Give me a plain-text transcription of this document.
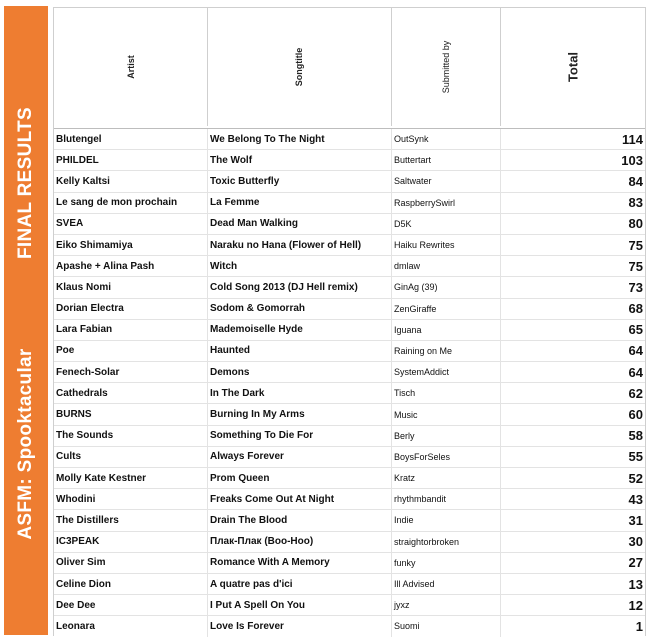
FINAL RESULTS
ASFM: Spooktacular
Artist	Songtitle	Submitted by	Total
Blutengel	We Belong To The Night	OutSynk	114
PHILDEL	The Wolf	Buttertart	103
Kelly Kaltsi	Toxic Butterfly	Saltwater	84
Le sang de mon prochain	La Femme	RaspberrySwirl	83
SVEA	Dead Man Walking	D5K	80
Eiko Shimamiya	Naraku no Hana (Flower of Hell)	Haiku Rewrites	75
Apashe + Alina Pash	Witch	dmlaw	75
Klaus Nomi	Cold Song 2013 (DJ Hell remix)	GinAg (39)	73
Dorian Electra	Sodom & Gomorrah	ZenGiraffe	68
Lara Fabian	Mademoiselle Hyde	Iguana	65
Poe	Haunted	Raining on Me	64
Fenech-Solar	Demons	SystemAddict	64
Cathedrals	In The Dark	Tisch	62
BURNS	Burning In My Arms	Music	60
The Sounds	Something To Die For	Berly	58
Cults	Always Forever	BoysForSeles	55
Molly Kate Kestner	Prom Queen	Kratz	52
Whodini	Freaks Come Out At Night	rhythmbandit	43
The Distillers	Drain The Blood	Indie	31
IC3PEAK	Плак-Плак (Boo-Hoo)	straightorbroken	30
Oliver Sim	Romance With A Memory	funky	27
Celine Dion	A quatre pas d'ici	Ill Advised	13
Dee Dee	I Put A Spell On You	jyxz	12
Leonara	Love Is Forever	Suomi	1
